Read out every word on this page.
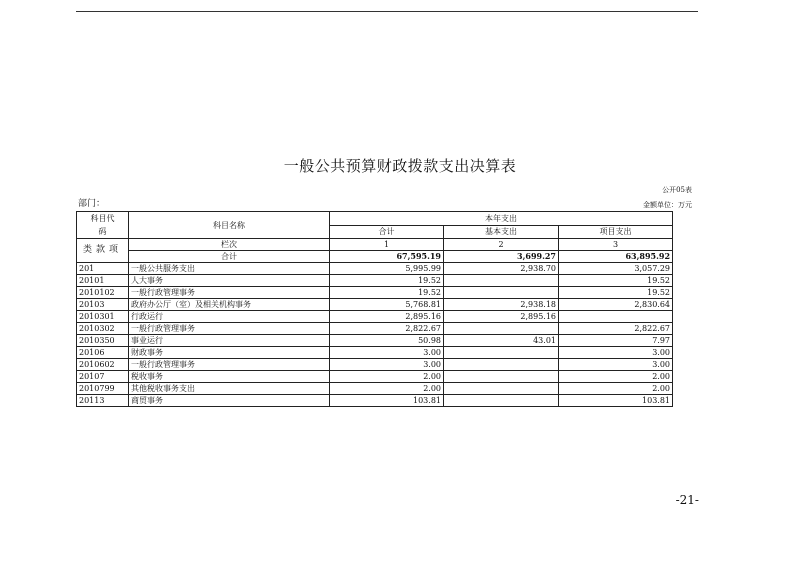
一般公共预算财政拨款支出决算表
公开05表
部门：	金额单位：万元
科目代码	科目名称	本年支出		
		合计	基本支出	项目支出
类款项	栏次	1	2	3
	合计	67,595.19	3,699.27	63,895.92
201	一般公共服务支出	5,995.99	2,938.70	3,057.29
20101	人大事务	19.52		19.52
2010102	一般行政管理事务	19.52		19.52
20103	政府办公厅（室）及相关机构事务	5,768.81	2,938.18	2,830.64
2010301	行政运行	2,895.16	2,895.16	
2010302	一般行政管理事务	2,822.67		2,822.67
2010350	事业运行	50.98	43.01	7.97
20106	财政事务	3.00		3.00
2010602	一般行政管理事务	3.00		3.00
20107	税收事务	2.00		2.00
2010799	其他税收事务支出	2.00		2.00
20113	商贸事务	103.81		103.81
-21-
